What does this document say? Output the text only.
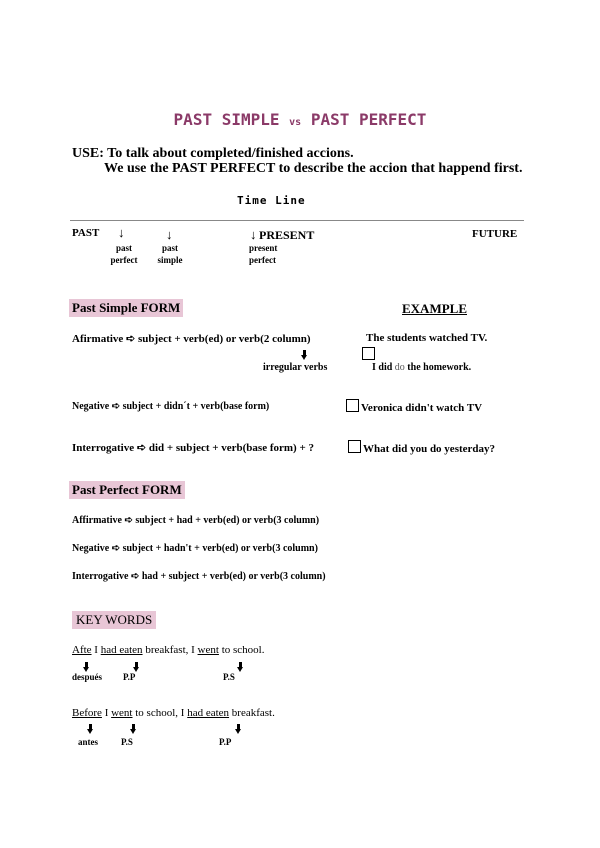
PAST SIMPLE vs PAST PERFECT
USE: To talk about completed/finished accions.
We use the PAST PERFECT to describe the accion that happend first.
Time Line
PAST ↓	↓	↓ PRESENT	FUTURE
past
perfect
past
simple
present
perfect
Past Simple FORM	EXAMPLE
Afirmative ➪ subject + verb(ed) or verb(2 column)	The students watched TV.
irregular verbs	I did do the homework.
Negative ➪ subject + didn´t + verb(base form)	Veronica didn't watch TV
Interrogative ➪ did + subject + verb(base form) + ?	What did you do yesterday?
Past Perfect FORM
Affirmative ➪ subject + had + verb(ed) or verb(3 column)
Negative ➪ subject + hadn't + verb(ed) or verb(3 column)
Interrogative ➪ had + subject + verb(ed) or verb(3 column)
KEY WORDS
Afte I had eaten breakfast, I went to school.
después P.P	P.S
Before I went to school, I had eaten breakfast.
antes	P.S	P.P
